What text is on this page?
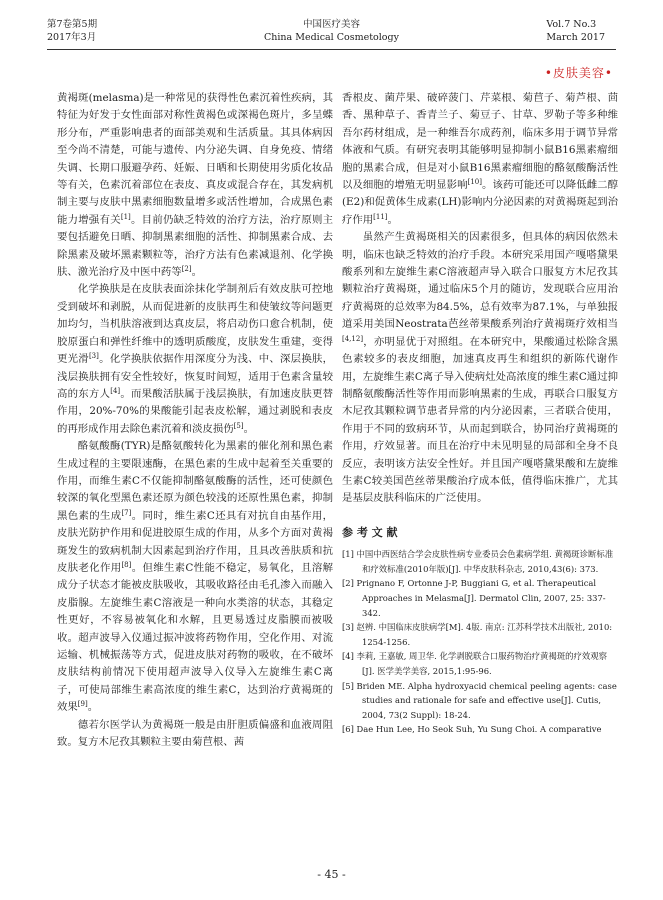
第7卷第5期
2017年3月
中国医疗美容
China Medical Cosmetology
Vol.7 No.3
March 2017
•皮肤美容•

黄褐斑(melasma)是一种常见的获得性色素沉着性疾病，其特征为好发于女性面部对称性黄褐色或深褐色斑片，多呈蝶形分布，严重影响患者的面部美观和生活质量。其具体病因至今尚不清楚，可能与遗传、内分泌失调、自身免疫、情绪失调、长期口服避孕药、妊娠、日晒和长期使用劣质化妆品等有关，色素沉着部位在表皮、真皮或混合存在，其发病机制主要与皮肤中黑素细胞数量增多或活性增加，合成黑色素能力增强有关[1]。目前仍缺乏特效的治疗方法，治疗原则主要包括避免日晒、抑制黑素细胞的活性、抑制黑素合成、去除黑素及破坏黑素颗粒等，治疗方法有色素减退剂、化学换肤、激光治疗及中医中药等[2]。

化学换肤是在皮肤表面涂抹化学制剂后有效皮肤可控地受到破坏和剥脱，从而促进新的皮肤再生和使皱纹等问题更加均匀，当机肤溶液到达真皮层，将启动伤口愈合机制，使胶原蛋白和弹性纤维中的透明质酸度，皮肤发生重建，变得更光滑[3]。化学换肤依据作用深度分为浅、中、深层换肤，浅层换肤拥有安全性较好，恢复时间短，适用于色素含量较高的东方人[4]。而果酸活肤属于浅层换肤，有加速皮肤更替作用，20%-70%的果酸能引起表皮松解，通过剥脱和表皮的再形成作用去除色素沉着和淡皮损伤[5]。

酪氨酸酶(TYR)是酪氨酸转化为黑素的催化剂和黑色素生成过程的主要限速酶，在黑色素的生成中起着至关重要的作用，而维生素C不仅能抑制酪氨酸酶的活性，还可使颜色较深的氧化型黑色素还原为颜色较浅的还原性黑色素，抑制黑色素的生成[7]。同时，维生素C还具有对抗自由基作用，皮肤光防护作用和促进胶原生成的作用，从多个方面对黄褐斑发生的致病机制大因素起到治疗作用，且具改善肤质和抗皮肤老化作用[8]。但维生素C性能不稳定，易氧化，且溶解成分子状态才能被皮肤吸收，其吸收路径由毛孔渗入而融入皮脂腺。左旋维生素C溶液是一种向水类溶的状态，其稳定性更好，不容易被氧化和水解，且更易透过皮脂膜而被吸收。超声波导入仪通过振冲波将药物作用，空化作用、对流运输、机械振荡等方式，促进皮肤对药物的吸收，在不破坏皮肤结构前情况下使用超声波导入仪导入左旋维生素C离子，可使局部维生素高浓度的维生素C，达到治疗黄褐斑的效果[9]。

德若尔医学认为黄褐斑一般是由肝胆质偏盛和血液周阻致。复方木尼孜其颗粒主要由菊苣根、茜

香根皮、菌芹果、破碎菠门、芹菜根、菊苣子、菊芦根、茴香、黑种草子、香青兰子、菊豆子、甘草、罗勒子等多种维吾尔药材组成，是一种维吾尔成药剂，临床多用于调节异常体液和气质。有研究表明其能够明显抑制小鼠B16黑素瘤细胞的黑素合成，但是对小鼠B16黑素瘤细胞的酪氨酸酶活性以及细胞的增殖无明显影响[10]。该药可能还可以降低雌二醇(E2)和促黄体生成素(LH)影响内分泌因素的对黄褐斑起到治疗作用[11]。

虽然产生黄褐斑相关的因素很多，但具体的病因依然未明，临床也缺乏特效的治疗手段。本研究采用国产嘎嗒黛果酸系列和左旋维生素C溶液超声导入联合口服复方木尼孜其颗粒治疗黄褐斑，通过临床5个月的随访，发现联合应用治疗黄褐斑的总效率为84.5%，总有效率为87.1%，与单独报道采用美国Neostrata芭丝蒂果酸系列治疗黄褐斑疗效相当[4,12]，亦明显优于对照组。在本研究中，果酸通过松除含黑色素较多的表皮细胞，加速真皮再生和组织的新陈代谢作用，左旋维生素C离子导入使病灶处高浓度的维生素C通过抑制酪氨酸酶活性等作用而影响黑素的生成，再联合口服复方木尼孜其颗粒调节患者异常的内分泌因素，三者联合使用，作用于不同的致病环节，从而起到联合，协同治疗黄褐斑的作用，疗效显著。而且在治疗中未见明显的局部和全身不良反应，表明该方法安全性好。并且国产嘎嗒黛果酸和左旋维生素C较美国芭丝蒂果酸治疗成本低，值得临床推广，尤其是基层皮肤科临床的广泛使用。

参 考 文 献

[1] 中国中西医结合学会皮肤性病专业委员会色素病学组. 黄褐斑诊断标准和疗效标准(2010年版)[J]. 中华皮肤科杂志, 2010,43(6): 373.

[2] Prignano F, Ortonne J-P, Buggiani G, et al. Therapeutical Approaches in Melasma[J]. Dermatol Clin, 2007, 25: 337-342.

[3] 赵辨. 中国临床皮肤病学[M]. 4版. 南京: 江苏科学技术出版社, 2010: 1254-1256.

[4] 李莉, 王嘉敏, 周卫华. 化学剥脱联合口服药物治疗黄褐斑的疗效观察[J]. 医学美学美容, 2015,1:95-96.

[5] Briden ME. Alpha hydroxyacid chemical peeling agents: case studies and rationale for safe and effective use[J]. Cutis, 2004, 73(2 Suppl): 18-24.

[6] Dae Hun Lee, Ho Seok Suh, Yu Sung Choi. A comparative

- 45 -
